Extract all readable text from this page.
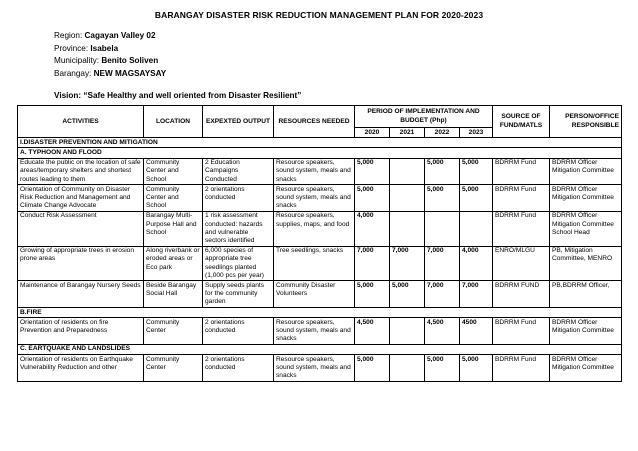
BARANGAY DISASTER RISK REDUCTION MANAGEMENT PLAN FOR 2020-2023
Region: Cagayan Valley 02
Province: Isabela
Municipality: Benito Soliven
Barangay: NEW MAGSAYSAY
Vision: “Safe Healthy and well oriented from Disaster Resilient”
ACTIVITIES	LOCATION	EXPEXTED OUTPUT	RESOURCES NEEDED	PERIOD OF IMPLEMENTATION AND BUDGET (Php)				SOURCE OF FUND/MATLS	PERSON/OFFICE RESPONSIBLE
				2020	2021	2022	2023		
I.DISASTER PREVENTION AND MITIGATION									
A. TYPHOON AND FLOOD									
Educate the public on the location of safe areas/temporary shelters and shortest routes leading to them	Community Center and School	2 Education Campaigns Conducted	Resource speakers, sound system, meals and snacks	5,000		5,000	5,000	BDRRM Fund	BDRRM Officer Mitigation Committee
Orientation of Community on Disaster Risk Reduction and Management and Climate Change Advocate	Community Center and School	2 orientations conducted	Resource speakers, sound system, meals and snacks	5,000		5,000	5,000	BDRRM Fund	BDRRM Officer Mitigation Committee
Conduct Risk Assessment	Barangay Multi-Purpose Hall and School	1 risk assessment conducted: hazards and vulnerable sectors identified	Resource speakers, supplies, maps, and food	4,000				BDRRM Fund	BDRRM Officer Mitigation Committee School Head
Growing of appropriate trees in erosion prone areas	Along riverbank or eroded areas or Eco park	6,000 species of appropriate tree seedlings planted (1,000 pcs per year)	Tree seedlings, snacks	7,000	7,000	7,000	4,000	ENRO/MLGU	PB, Mitigation Committee, MENRO
Maintenance of Barangay Nursery Seeds	Beside Barangay Social Hall	Supply seeds plants for the community garden	Community Disaster Volunteers	5,000	5,000	7,000	7,000	BDRRM FUND	PB,BDRRM Officer,
B.FIRE									
Orientation of residents on fire Prevention and Preparedness	Community Center	2 orientations conducted	Resource speakers, sound system, meals and snacks	4,500		4,500	4500	BDRRM Fund	BDRRM Officer Mitigation Committee
C. EARTQUAKE AND LANDSLIDES									
Orientation of residents on Earthquake Vulnerability Reduction and other	Community Center	2 orientations conducted	Resource speakers, sound system, meals and snacks	5,000		5,000	5,000	BDRRM Fund	BDRRM Officer Mitigation Committee
